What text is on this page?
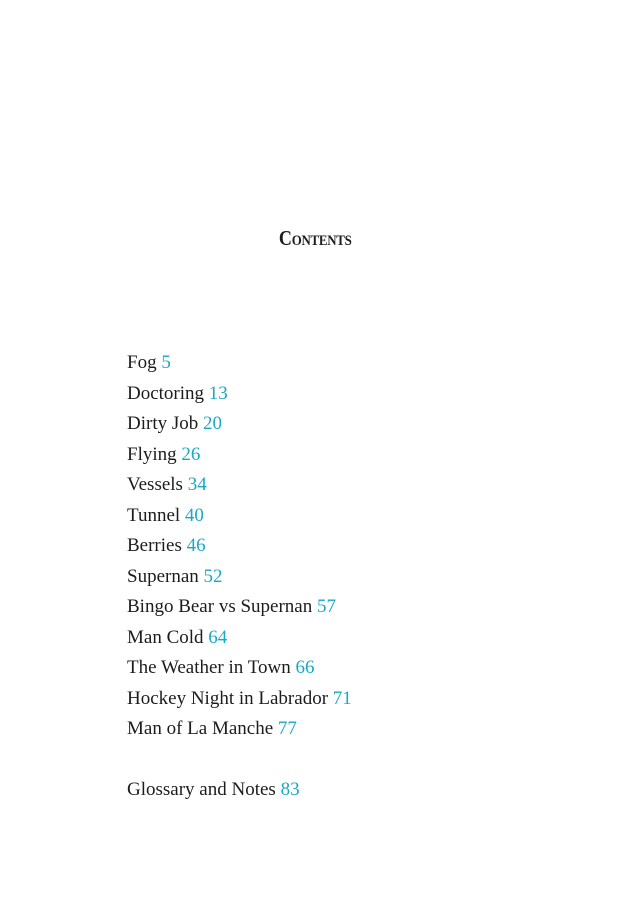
Contents
Fog 5
Doctoring 13
Dirty Job 20
Flying 26
Vessels 34
Tunnel 40
Berries 46
Supernan 52
Bingo Bear vs Supernan 57
Man Cold 64
The Weather in Town 66
Hockey Night in Labrador 71
Man of La Manche 77
Glossary and Notes 83
